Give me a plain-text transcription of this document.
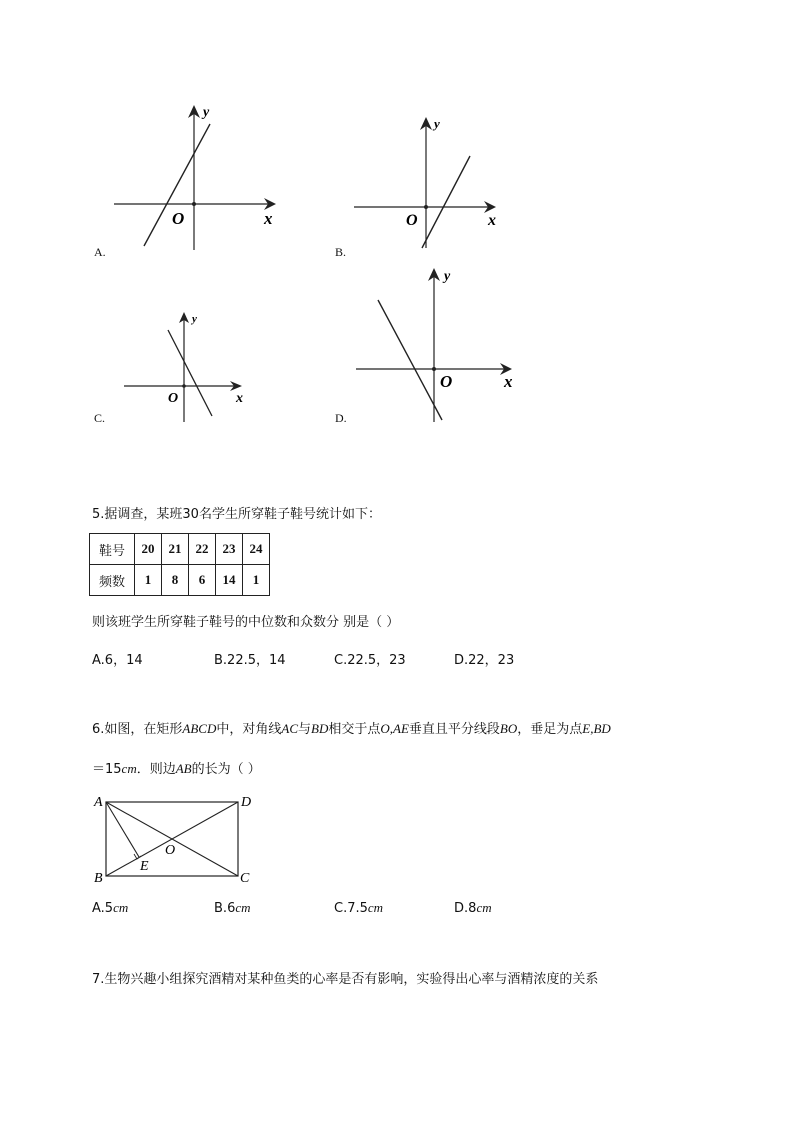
O	x
y
A.
O	x
y
B.
O	x
y
C.
O	x
y
D.
5.据调查，某班30名学生所穿鞋子鞋号统计如下：
鞋号	20	21	22	23	24
频数	1	8	6	14	1
则该班学生所穿鞋子鞋号的中位数和众数分 别是（ ）
A.6，14	B.22.5，14	C.22.5，23	D.22，23
6.如图，在矩形ABCD中，对角线AC与BD相交于点O,AE垂直且平分线段BO，垂足为点E,BD
＝15cm．则边AB的长为（ ）
A	D
B	C
E
O
A.5cm	B.6cm	C.7.5cm	D.8cm
7.生物兴趣小组探究酒精对某种鱼类的心率是否有影响，实验得出心率与酒精浓度的关系
